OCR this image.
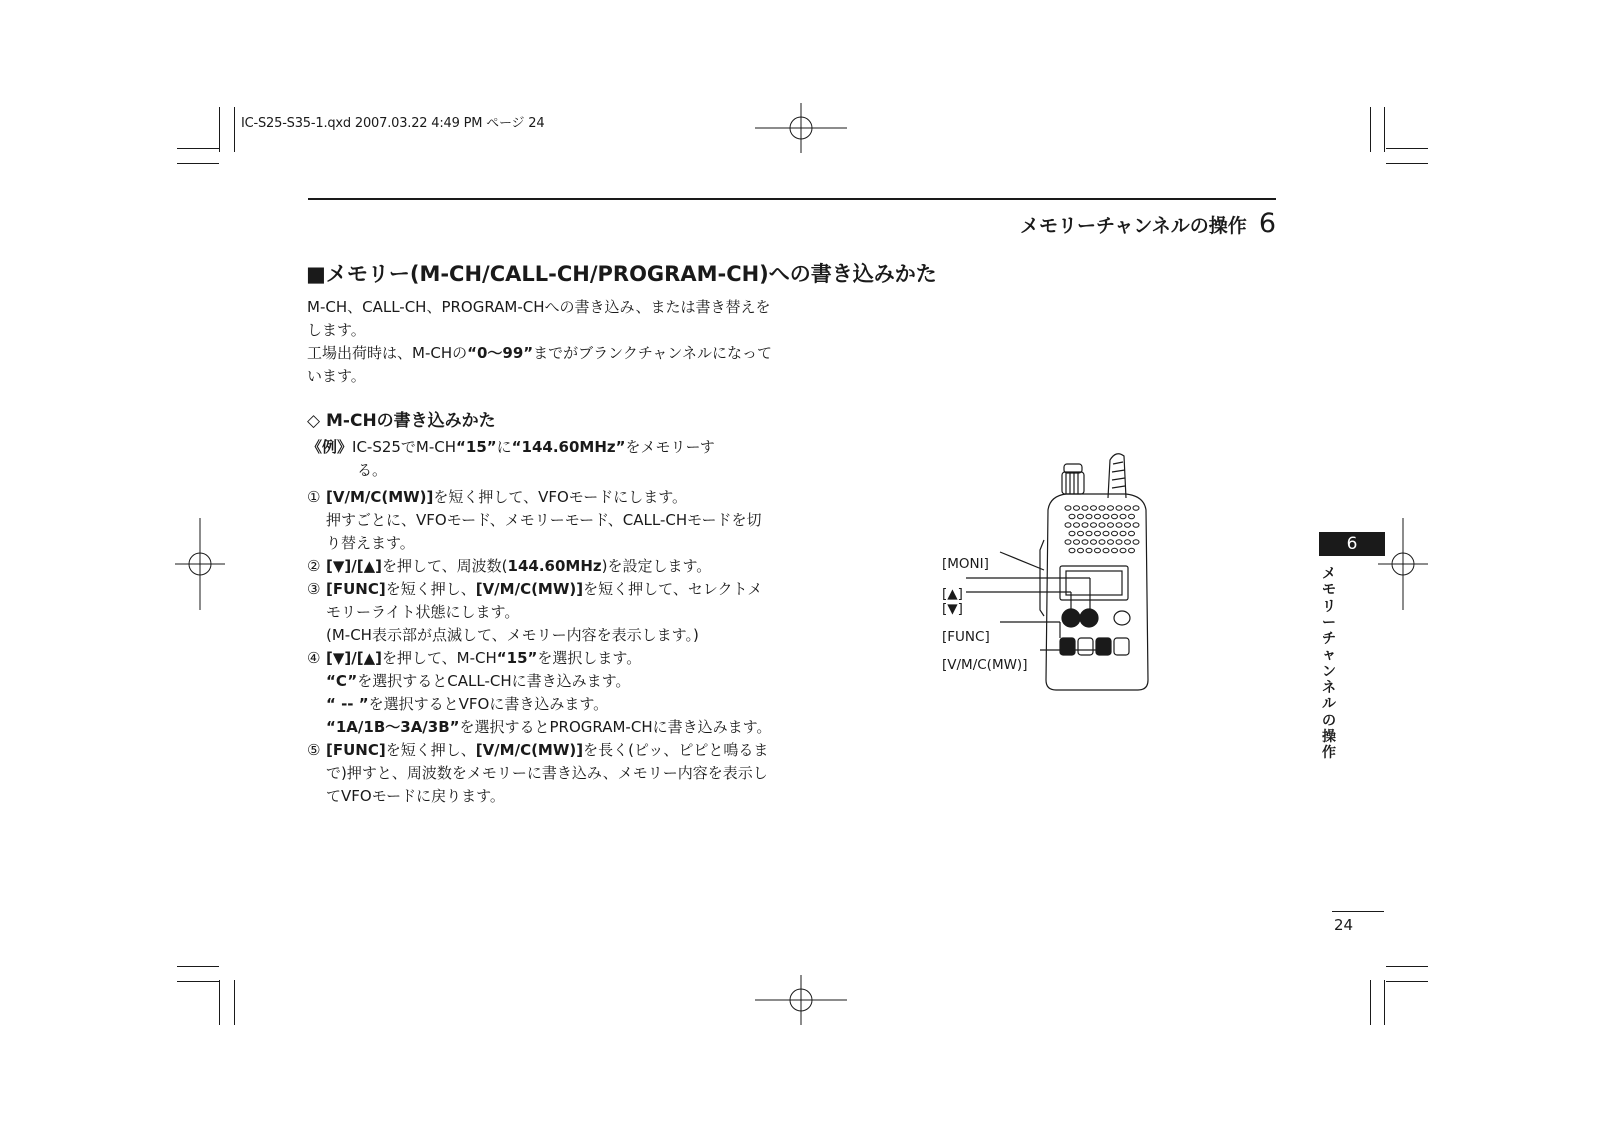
IC-S25-S35-1.qxd 2007.03.22 4:49 PM ページ 24
メモリーチャンネルの操作 6
■メモリー(M-CH/CALL-CH/PROGRAM-CH)への書き込みかた

M-CH、CALL-CH、PROGRAM-CHへの書き込み、または書き替えをします。

工場出荷時は、M-CHの“0～99”までがブランクチャンネルになっています。

◇ M-CHの書き込みかた
《例》IC-S25でM-CH“15”に“144.60MHz”をメモリーす
る。
① [V/M/C(MW)]を短く押して、VFOモードにします。
押すごとに、VFOモード、メモリーモード、CALL-CHモードを切り替えます。
② [▼]/[▲]を押して、周波数(144.60MHz)を設定します。
③ [FUNC]を短く押し、[V/M/C(MW)]を短く押して、セレクトメモリーライト状態にします。
(M-CH表示部が点滅して、メモリー内容を表示します。)
④ [▼]/[▲]を押して、M-CH“15”を選択します。
“C”を選択するとCALL-CHに書き込みます。
“ -- ”を選択するとVFOに書き込みます。
“1A/1B～3A/3B”を選択するとPROGRAM-CHに書き込みます。
⑤ [FUNC]を短く押し、[V/M/C(MW)]を長く(ピッ、ピピと鳴るまで)押すと、周波数をメモリーに書き込み、メモリー内容を表示してVFOモードに戻ります。
[MONI]
[▲]
[▼]
[FUNC]
[V/M/C(MW)]
6
メモリーチャンネルの操作
24
